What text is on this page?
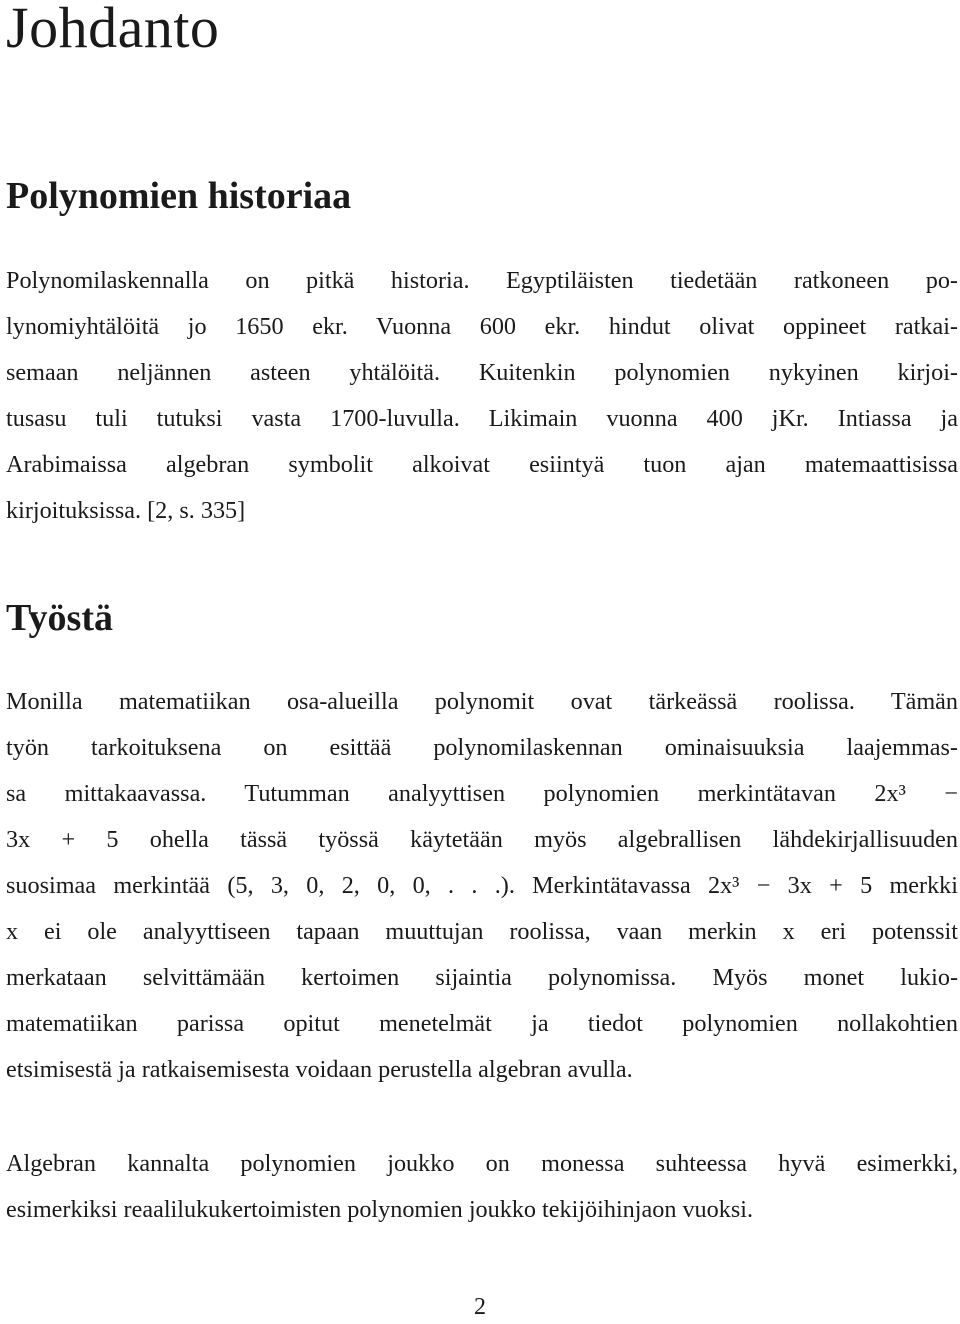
Johdanto
Polynomien historiaa

Polynomilaskennalla on pitkä historia. Egyptiläisten tiedetään ratkoneen po-
lynomiyhtälöitä jo 1650 ekr. Vuonna 600 ekr. hindut olivat oppineet ratkai-
semaan neljännen asteen yhtälöitä. Kuitenkin polynomien nykyinen kirjoi-
tusasu tuli tutuksi vasta 1700-luvulla. Likimain vuonna 400 jKr. Intiassa ja
Arabimaissa algebran symbolit alkoivat esiintyä tuon ajan matemaattisissa
kirjoituksissa. [2, s. 335]

Työstä

Monilla matematiikan osa-alueilla polynomit ovat tärkeässä roolissa. Tämän
työn tarkoituksena on esittää polynomilaskennan ominaisuuksia laajemmas-
sa mittakaavassa. Tutumman analyyttisen polynomien merkintätavan 2x³ −
3x + 5 ohella tässä työssä käytetään myös algebrallisen lähdekirjallisuuden
suosimaa merkintää (5, 3, 0, 2, 0, 0, . . .). Merkintätavassa 2x³ − 3x + 5 merkki
x ei ole analyyttiseen tapaan muuttujan roolissa, vaan merkin x eri potenssit
merkataan selvittämään kertoimen sijaintia polynomissa. Myös monet lukio-
matematiikan parissa opitut menetelmät ja tiedot polynomien nollakohtien
etsimisestä ja ratkaisemisesta voidaan perustella algebran avulla.

Algebran kannalta polynomien joukko on monessa suhteessa hyvä esimerkki,
esimerkiksi reaalilukukertoimisten polynomien joukko tekijöihinjaon vuoksi.

2
